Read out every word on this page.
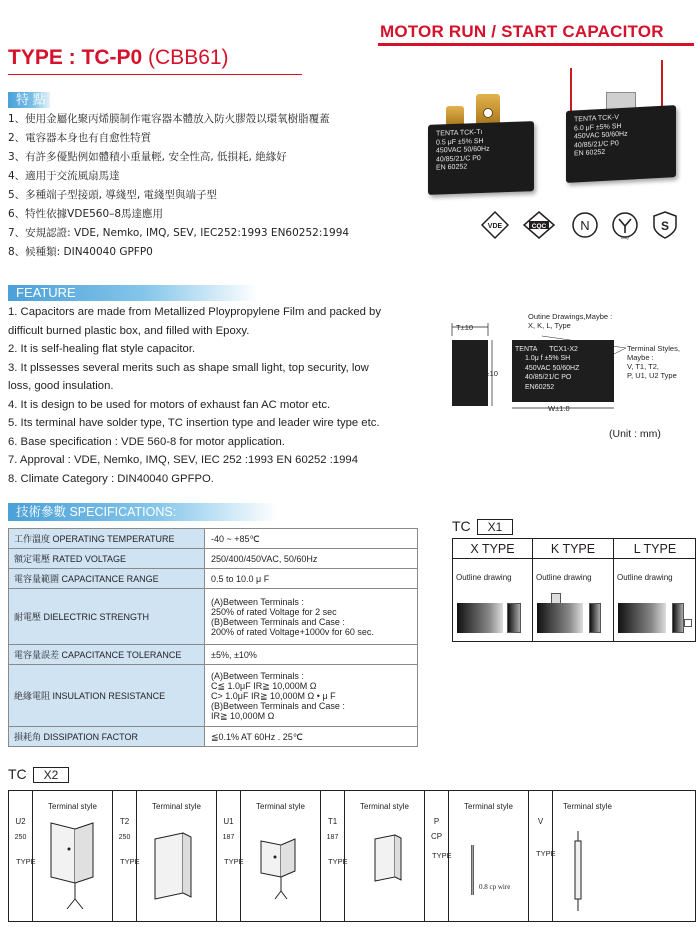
MOTOR RUN / START CAPACITOR
TYPE : TC-P0 (CBB61)
特 點 :
1、使用金屬化聚丙烯膜制作電容器本體放入防火膠殼以環氧樹脂覆蓋
2、電容器本身也有自愈性特質
3、有許多優點例如體積小重量輕, 安全性高, 低損耗, 絶緣好
4、適用于交流風扇馬達
5、多種端子型接頭, 導綫型, 電綫型與端子型
6、特性依據VDE560–8馬達應用
7、安規認證: VDE, Nemko, IMQ, SEV, IEC252:1993 EN60252:1994
8、候種類: DIN40040 GPFP0
TENTA TCK-Tı
0.5 μF ±5% SH
450VAC 50/60Hz
40/85/21/C P0
EN 60252
TENTA TCK-V
6.0 μF ±5% SH
450VAC 50/60Hz
40/85/21/C P0
EN 60252
VDE	CQC	N
IMQ
S
FEATURE
1. Capacitors are made from Metallized Ploypropylene Film and packed by
difficult burned plastic box, and filled with Epoxy.
2. It is self-healing flat style capacitor.
3. It plssesses several merits such as shape small light, top security, low
loss, good insulation.
4. It is design to be used for motors of exhaust fan AC motor etc.
5. Its terminal have solder type, TC insertion type and leader wire type etc.
6. Base specification : VDE 560-8 for motor application.
7. Approval : VDE, Nemko, IMQ, SEV, IEC 252 :1993 EN 60252 :1994
8. Climate Category : DIN40040 GPFPO.
Outine Drawings,Maybe :
X, K, L, Type
Terminal Styles,
Maybe :
V, T1, T2,
P, U1, U2 Type
T±10
H±10
W±1.0
TENTA TCX1-X2
1.0μ f ±5% SH
450VAC 50/60HZ
40/85/21/C PO
EN60252
(Unit : mm)
技術參數 SPECIFICATIONS:
工作溫度 OPERATING TEMPERATURE	-40 ~ +85℃
額定電壓 RATED VOLTAGE	250/400/450VAC, 50/60Hz
電容量範圍 CAPACITANCE RANGE	0.5 to 10.0 μ F
耐電壓 DIELECTRIC STRENGTH	(A)Between Terminals :
250% of rated Voltage for 2 sec
(B)Between Terminals and Case :
200% of rated Voltage+1000v for 60 sec.
電容量誤差 CAPACITANCE TOLERANCE	±5%, ±10%
絶緣電阻 INSULATION RESISTANCE	(A)Between Terminals :
C≦ 1.0μF IR≧ 10,000M Ω
C> 1.0μF IR≧ 10,000M Ω • μ F
(B)Between Terminals and Case :
IR≧ 10,000M Ω
損耗角 DISSIPATION FACTOR	≦0.1% AT 60Hz . 25℃
TC X1
X TYPE	K TYPE	L TYPE
Outline drawing	Outline drawing	Outline drawing
TC X2
U2
250
TYPE
Terminal style
T2
250
TYPE
Terminal style
U1
187
TYPE
Terminal style
T1
187
TYPE
Terminal style
P
CP
TYPE
Terminal style
0.8 cp wire
V
TYPE
Terminal style
